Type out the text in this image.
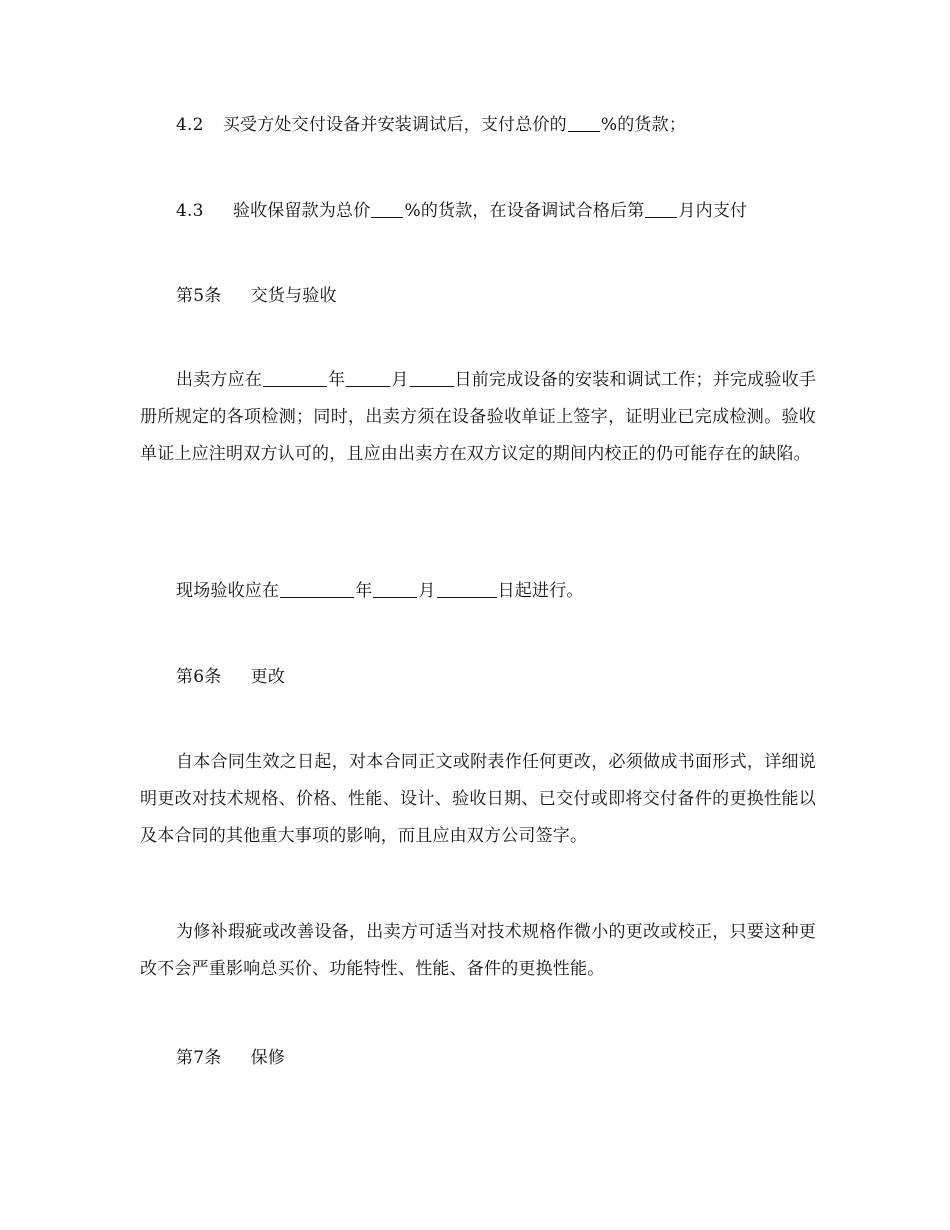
4.2 买受方处交付设备并安装调试后，支付总价的 %的货款；
4.3 验收保留款为总价 %的货款，在设备调试合格后第 月内支付
第5条 交货与验收
出卖方应在	年	月	日前完成设备的安装和调试工作；并完成验收手册所规定的各项检测；同时，出卖方须在设备验收单证上签字，证明业已完成检测。验收单证上应注明双方认可的，且应由出卖方在双方议定的期间内校正的仍可能存在的缺陷。
现场验收应在	年	月	日起进行。
第6条 更改
自本合同生效之日起，对本合同正文或附表作任何更改，必须做成书面形式，详细说明更改对技术规格、价格、性能、设计、验收日期、已交付或即将交付备件的更换性能以及本合同的其他重大事项的影响，而且应由双方公司签字。
为修补瑕疵或改善设备，出卖方可适当对技术规格作微小的更改或校正，只要这种更改不会严重影响总买价、功能特性、性能、备件的更换性能。
第7条 保修
